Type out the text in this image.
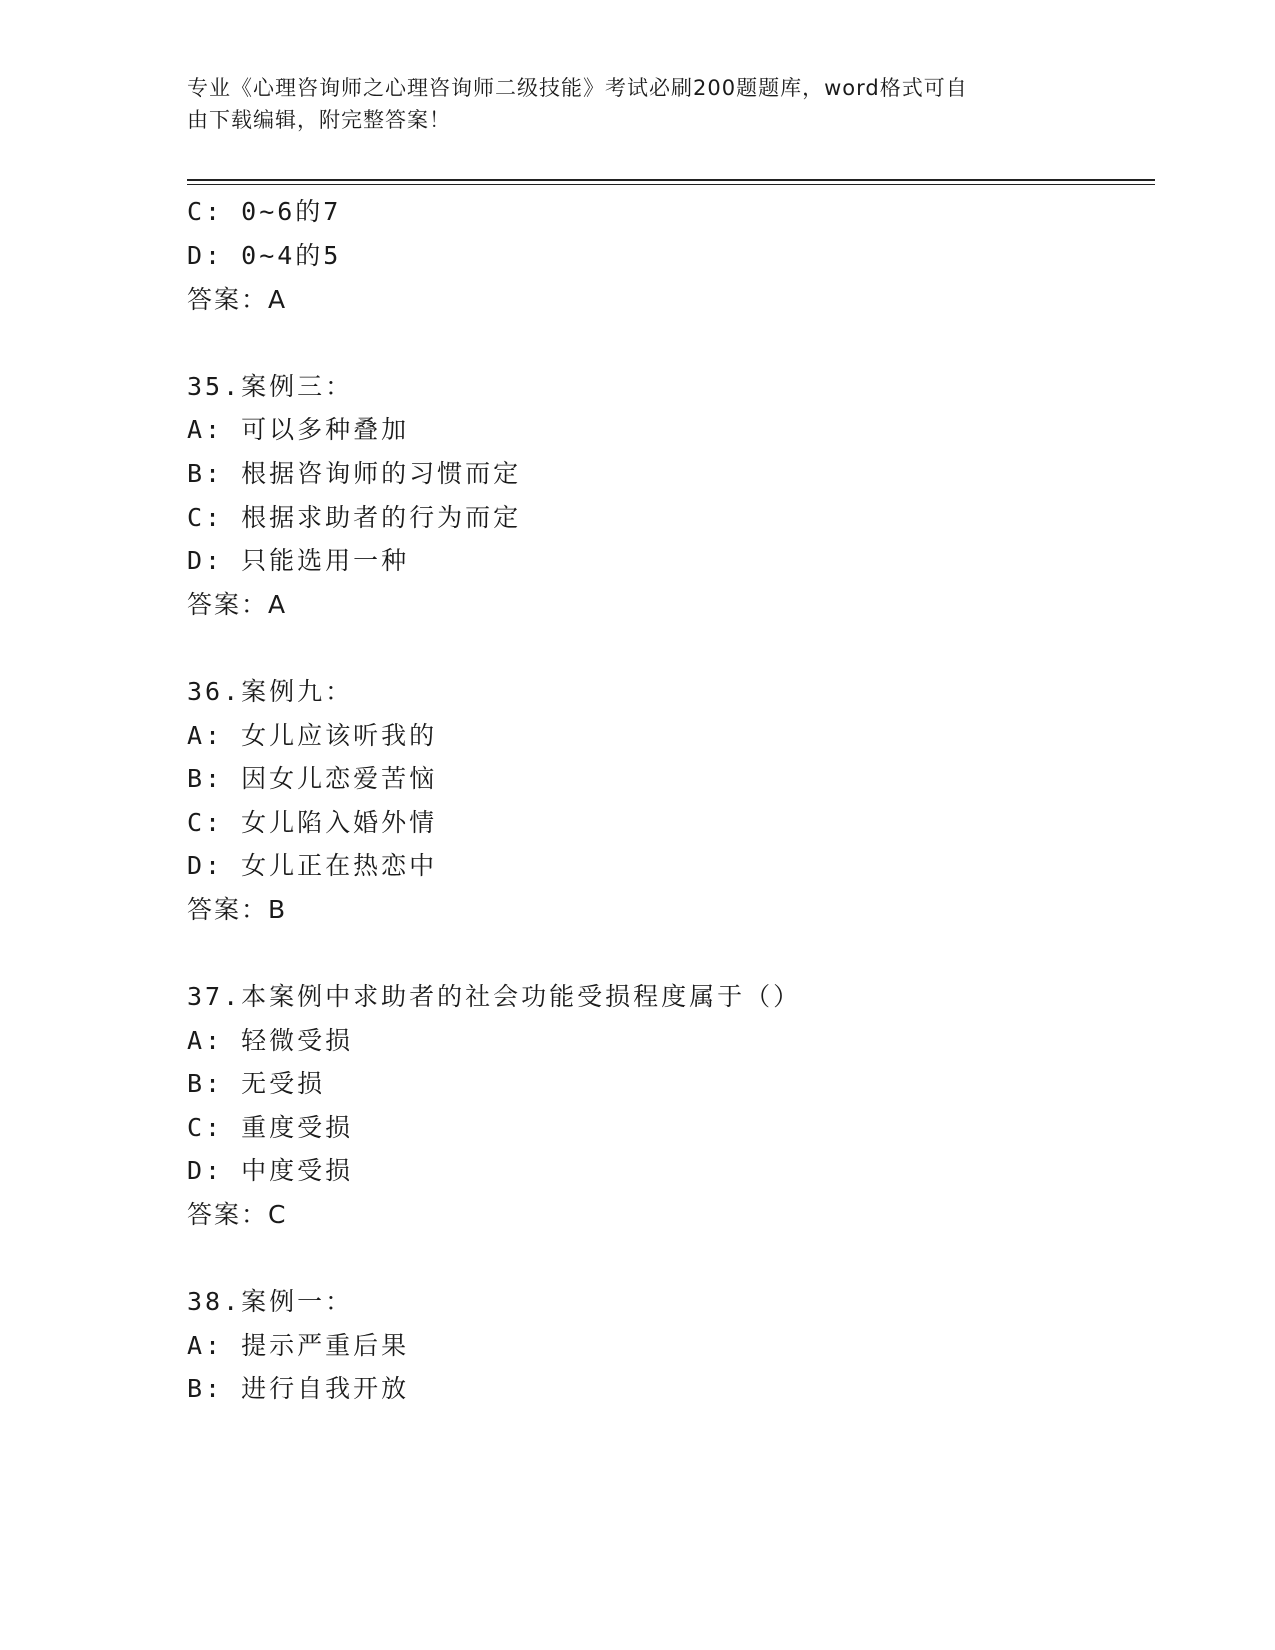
专业《心理咨询师之心理咨询师二级技能》考试必刷200题题库，word格式可自
由下载编辑，附完整答案！
C: 0~6的7
D: 0~4的5
答案：A
35.案例三：
A: 可以多种叠加
B: 根据咨询师的习惯而定
C: 根据求助者的行为而定
D: 只能选用一种
答案：A
36.案例九：
A: 女儿应该听我的
B: 因女儿恋爱苦恼
C: 女儿陷入婚外情
D: 女儿正在热恋中
答案：B
37.本案例中求助者的社会功能受损程度属于（）
A: 轻微受损
B: 无受损
C: 重度受损
D: 中度受损
答案：C
38.案例一：
A: 提示严重后果
B: 进行自我开放
